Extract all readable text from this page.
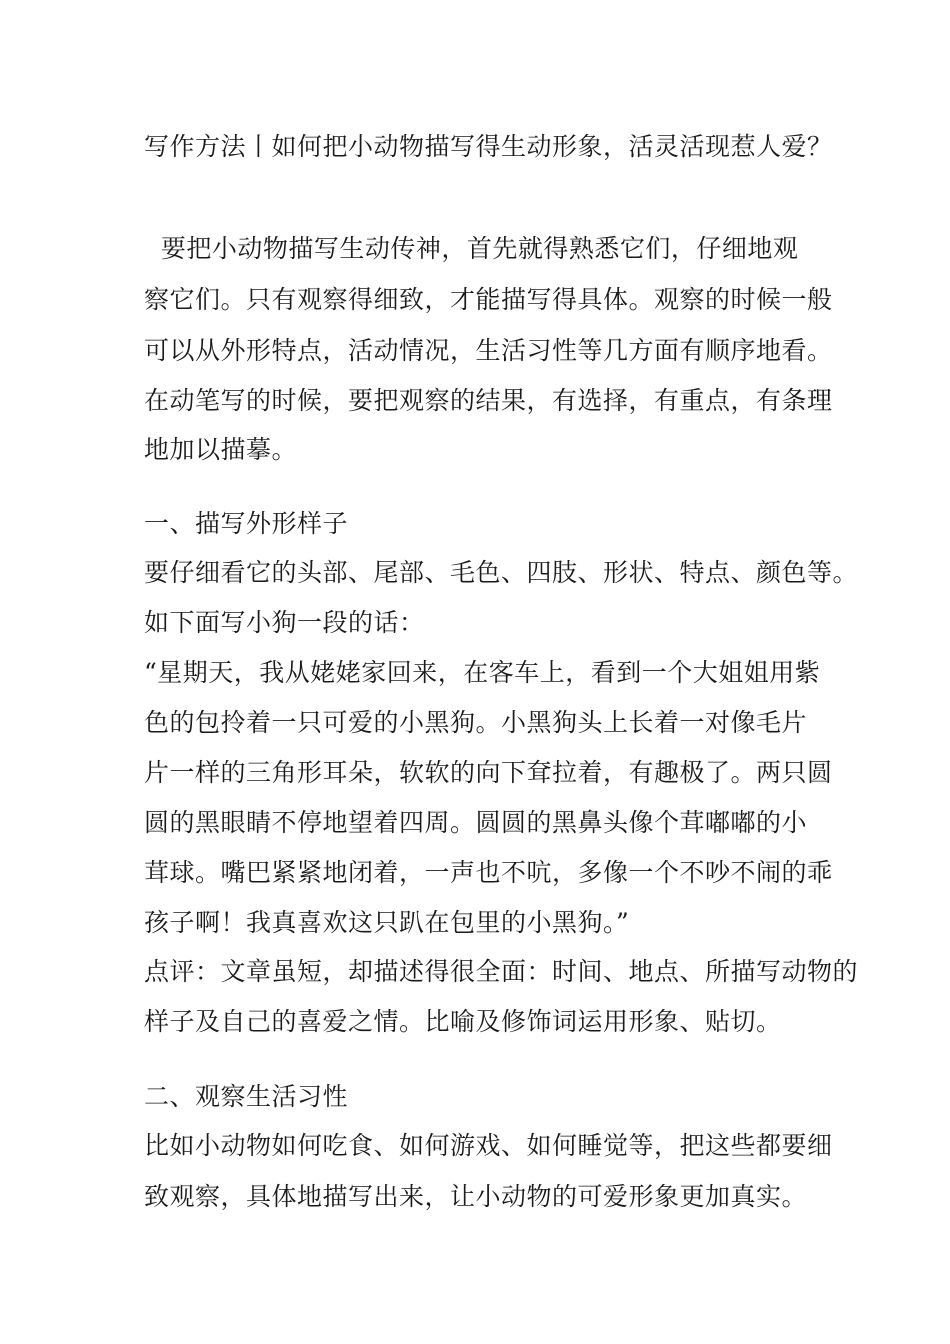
写作方法丨如何把小动物描写得生动形象，活灵活现惹人爱？
要把小动物描写生动传神，首先就得熟悉它们，仔细地观
察它们。只有观察得细致，才能描写得具体。观察的时候一般
可以从外形特点，活动情况，生活习性等几方面有顺序地看。
在动笔写的时候，要把观察的结果，有选择，有重点，有条理
地加以描摹。
一、描写外形样子
要仔细看它的头部、尾部、毛色、四肢、形状、特点、颜色等。
如下面写小狗一段的话：
“星期天，我从姥姥家回来，在客车上，看到一个大姐姐用紫
色的包拎着一只可爱的小黑狗。小黑狗头上长着一对像毛片
片一样的三角形耳朵，软软的向下耷拉着，有趣极了。两只圆
圆的黑眼睛不停地望着四周。圆圆的黑鼻头像个茸嘟嘟的小
茸球。嘴巴紧紧地闭着，一声也不吭，多像一个不吵不闹的乖
孩子啊！我真喜欢这只趴在包里的小黑狗。”
点评：文章虽短，却描述得很全面：时间、地点、所描写动物的
样子及自己的喜爱之情。比喻及修饰词运用形象、贴切。
二、观察生活习性
比如小动物如何吃食、如何游戏、如何睡觉等，把这些都要细
致观察，具体地描写出来，让小动物的可爱形象更加真实。
